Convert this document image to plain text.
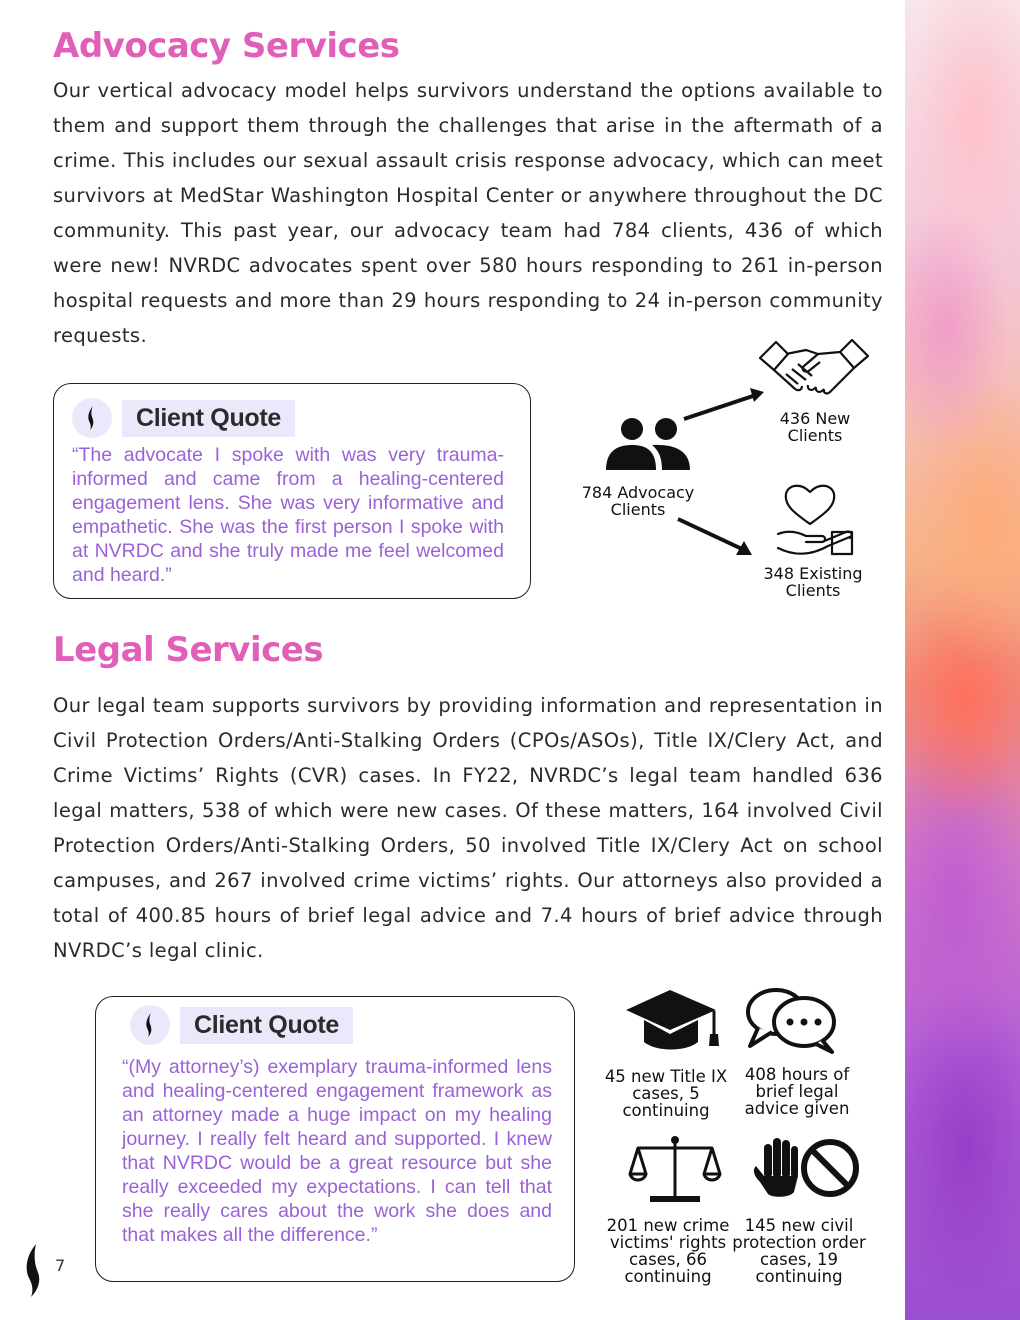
Advocacy Services

Our vertical advocacy model helps survivors understand the options available to them and support them through the challenges that arise in the aftermath of a crime. This includes our sexual assault crisis response advocacy, which can meet survivors at MedStar Washington Hospital Center or anywhere throughout the DC community. This past year, our advocacy team had 784 clients, 436 of which were new! NVRDC advocates spent over 580 hours responding to 261 in-person hospital requests and more than 29 hours responding to 24 in-person community requests.

Client Quote

“The advocate I spoke with was very trauma-informed and came from a healing-centered engagement lens. She was very informative and empathetic. She was the first person I spoke with at NVRDC and she truly made me feel welcomed and heard.”

784 Advocacy Clients
436 New Clients
348 Existing Clients
Legal Services

Our legal team supports survivors by providing information and representation in Civil Protection Orders/Anti-Stalking Orders (CPOs/ASOs), Title IX/Clery Act, and Crime Victims’ Rights (CVR) cases. In FY22, NVRDC’s legal team handled 636 legal matters, 538 of which were new cases. Of these matters, 164 involved Civil Protection Orders/Anti-Stalking Orders, 50 involved Title IX/Clery Act on school campuses, and 267 involved crime victims’ rights. Our attorneys also provided a total of 400.85 hours of brief legal advice and 7.4 hours of brief advice through NVRDC’s legal clinic.

Client Quote

“(My attorney’s) exemplary trauma-informed lens and healing-centered engagement framework as an attorney made a huge impact on my healing journey. I really felt heard and supported. I knew that NVRDC would be a great resource but she really exceeded my expectations. I can tell that she really cares about the work she does and that makes all the difference.”

45 new Title IX cases, 5 continuing
408 hours of brief legal advice given
201 new crime victims' rights cases, 66 continuing
145 new civil protection order cases, 19 continuing
7
